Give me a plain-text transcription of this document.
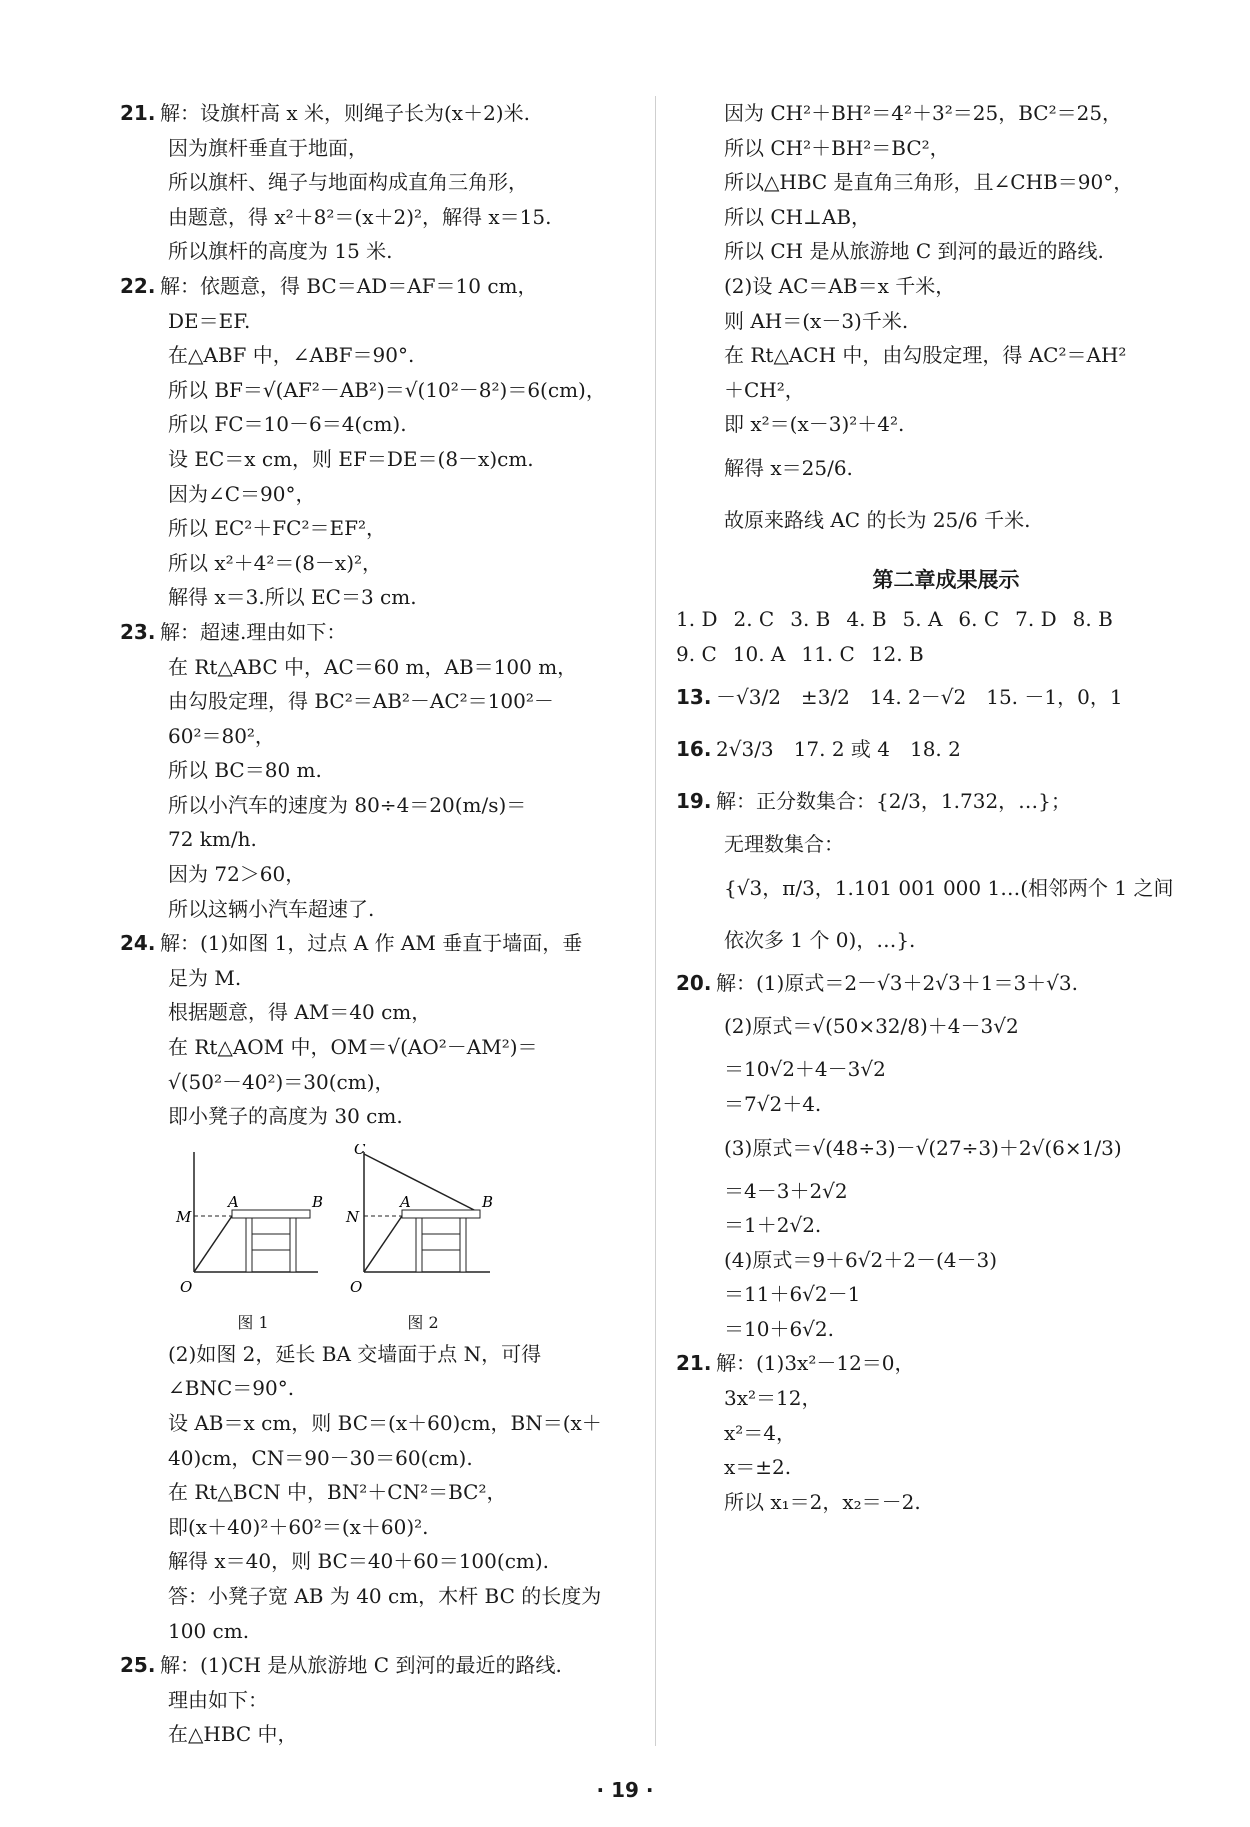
21. 解：设旗杆高 x 米，则绳子长为(x＋2)米.
因为旗杆垂直于地面，
所以旗杆、绳子与地面构成直角三角形，
由题意，得 x²＋8²＝(x＋2)²，解得 x＝15.
所以旗杆的高度为 15 米.
22. 解：依题意，得 BC＝AD＝AF＝10 cm，
DE＝EF.
在△ABF 中，∠ABF＝90°.
所以 BF＝√(AF²－AB²)＝√(10²－8²)＝6(cm)，
所以 FC＝10－6＝4(cm).
设 EC＝x cm，则 EF＝DE＝(8－x)cm.
因为∠C＝90°，
所以 EC²＋FC²＝EF²，
所以 x²＋4²＝(8－x)²，
解得 x＝3.所以 EC＝3 cm.
23. 解：超速.理由如下：
在 Rt△ABC 中，AC＝60 m，AB＝100 m，
由勾股定理，得 BC²＝AB²－AC²＝100²－
60²＝80²，
所以 BC＝80 m.
所以小汽车的速度为 80÷4＝20(m/s)＝
72 km/h.
因为 72＞60，
所以这辆小汽车超速了.
24. 解：(1)如图 1，过点 A 作 AM 垂直于墙面，垂
足为 M.
根据题意，得 AM＝40 cm，
在 Rt△AOM 中，OM＝√(AO²－AM²)＝
√(50²－40²)＝30(cm)，
即小凳子的高度为 30 cm.
M
A	B
O
C
N
A	B
O
图 1	图 2
(2)如图 2，延长 BA 交墙面于点 N，可得
∠BNC＝90°.
设 AB＝x cm，则 BC＝(x＋60)cm，BN＝(x＋
40)cm，CN＝90－30＝60(cm).
在 Rt△BCN 中，BN²＋CN²＝BC²，
即(x＋40)²＋60²＝(x＋60)².
解得 x＝40，则 BC＝40＋60＝100(cm).
答：小凳子宽 AB 为 40 cm，木杆 BC 的长度为
100 cm.
25. 解：(1)CH 是从旅游地 C 到河的最近的路线.
理由如下：
在△HBC 中，
因为 CH²＋BH²＝4²＋3²＝25，BC²＝25，
所以 CH²＋BH²＝BC²，
所以△HBC 是直角三角形，且∠CHB＝90°，
所以 CH⊥AB，
所以 CH 是从旅游地 C 到河的最近的路线.
(2)设 AC＝AB＝x 千米，
则 AH＝(x－3)千米.
在 Rt△ACH 中，由勾股定理，得 AC²＝AH²
＋CH²，
即 x²＝(x－3)²＋4².
解得 x＝25/6.
故原来路线 AC 的长为 25/6 千米.
第二章成果展示
1. D 2. C 3. B 4. B 5. A 6. C 7. D 8. B
9. C 10. A 11. C 12. B
13. －√3/2　±3/2　14. 2－√2　15. －1，0，1
16. 2√3/3　17. 2 或 4　18. 2
19. 解：正分数集合：{2/3，1.732，…}；
无理数集合：
{√3，π/3，1.101 001 000 1…(相邻两个 1 之间
依次多 1 个 0)，…}.
20. 解：(1)原式＝2－√3＋2√3＋1＝3＋√3.
(2)原式＝√(50×32/8)＋4－3√2
＝10√2＋4－3√2
＝7√2＋4.
(3)原式＝√(48÷3)－√(27÷3)＋2√(6×1/3)
＝4－3＋2√2
＝1＋2√2.
(4)原式＝9＋6√2＋2－(4－3)
＝11＋6√2－1
＝10＋6√2.
21. 解：(1)3x²－12＝0，
3x²＝12，
x²＝4，
x＝±2.
所以 x₁＝2，x₂＝－2.
· 19 ·
